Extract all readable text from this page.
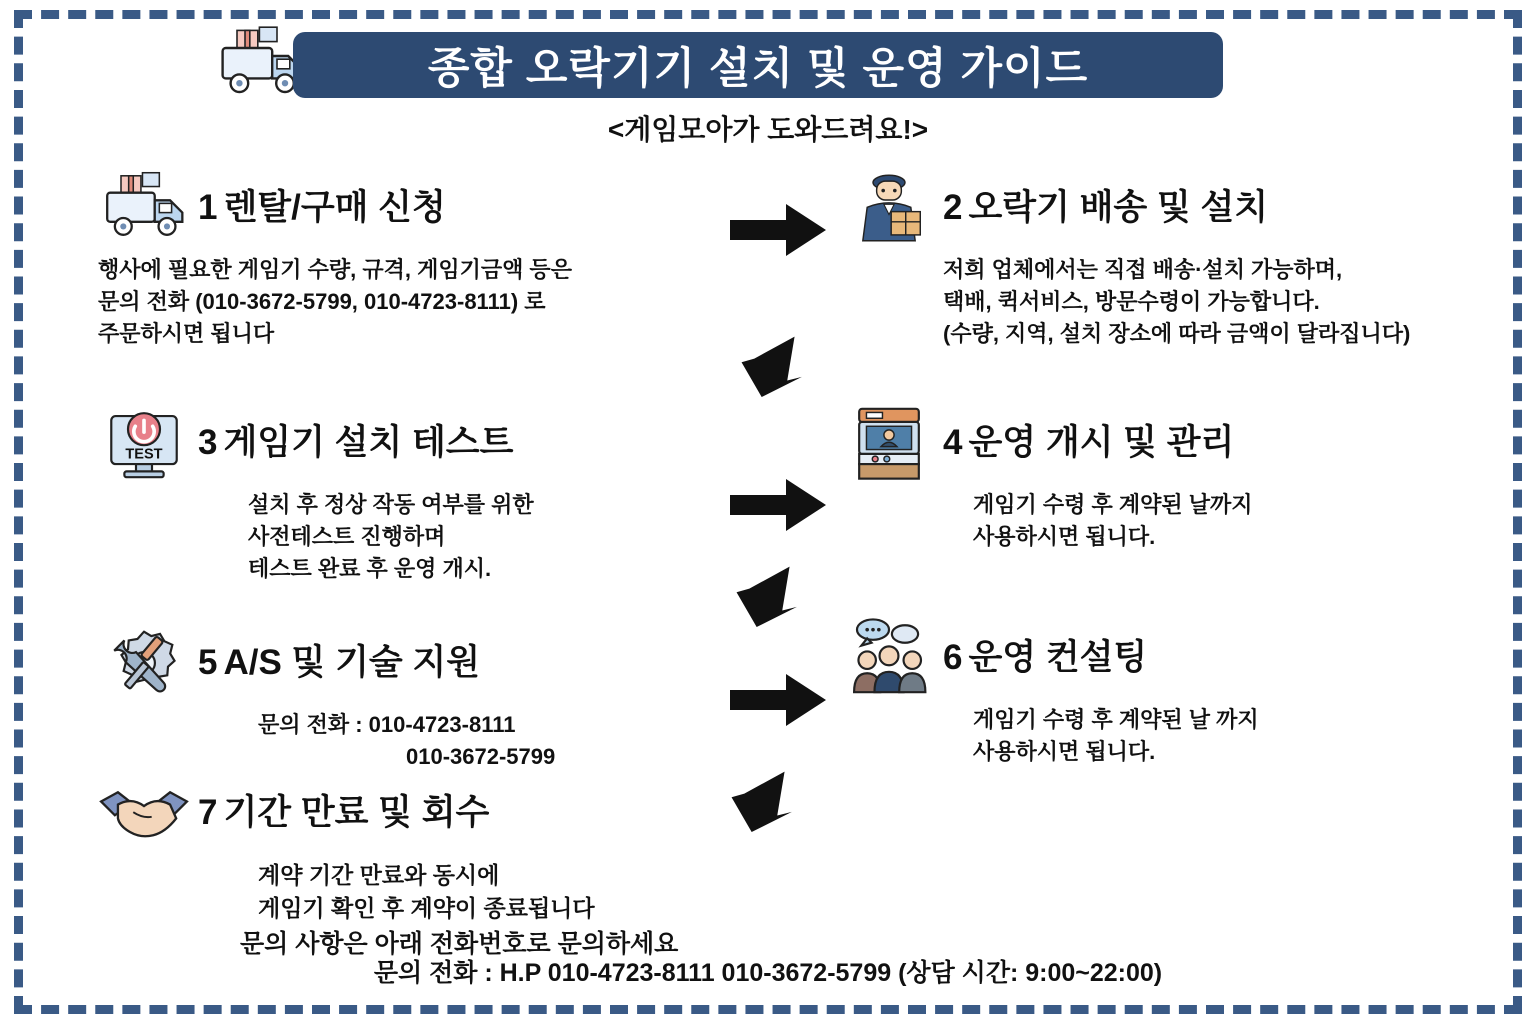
종합 오락기기 설치 및 운영 가이드
<게임모아가 도와드려요!>
1 렌탈/구매 신청
행사에 필요한 게임기 수량, 규격, 게임기금액 등은
문의 전화 (010-3672-5799, 010-4723-8111) 로
주문하시면 됩니다
2 오락기 배송 및 설치
저희 업체에서는 직접 배송·설치 가능하며,
택배, 퀵서비스, 방문수령이 가능합니다.
(수량, 지역, 설치 장소에 따라 금액이 달라집니다)
TEST 3 게임기 설치 테스트
설치 후 정상 작동 여부를 위한
사전테스트 진행하며
테스트 완료 후 운영 개시.
4 운영 개시 및 관리
게임기 수령 후 계약된 날까지
사용하시면 됩니다.
5 A/S 및 기술 지원
문의 전화 : 010-4723-8111
010-3672-5799
6 운영 컨설팅
게임기 수령 후 계약된 날 까지
사용하시면 됩니다.
7 기간 만료 및 회수
계약 기간 만료와 동시에
게임기 확인 후 계약이 종료됩니다
문의 사항은 아래 전화번호로 문의하세요
문의 전화 : H.P 010-4723-8111 010-3672-5799 (상담 시간: 9:00~22:00)
